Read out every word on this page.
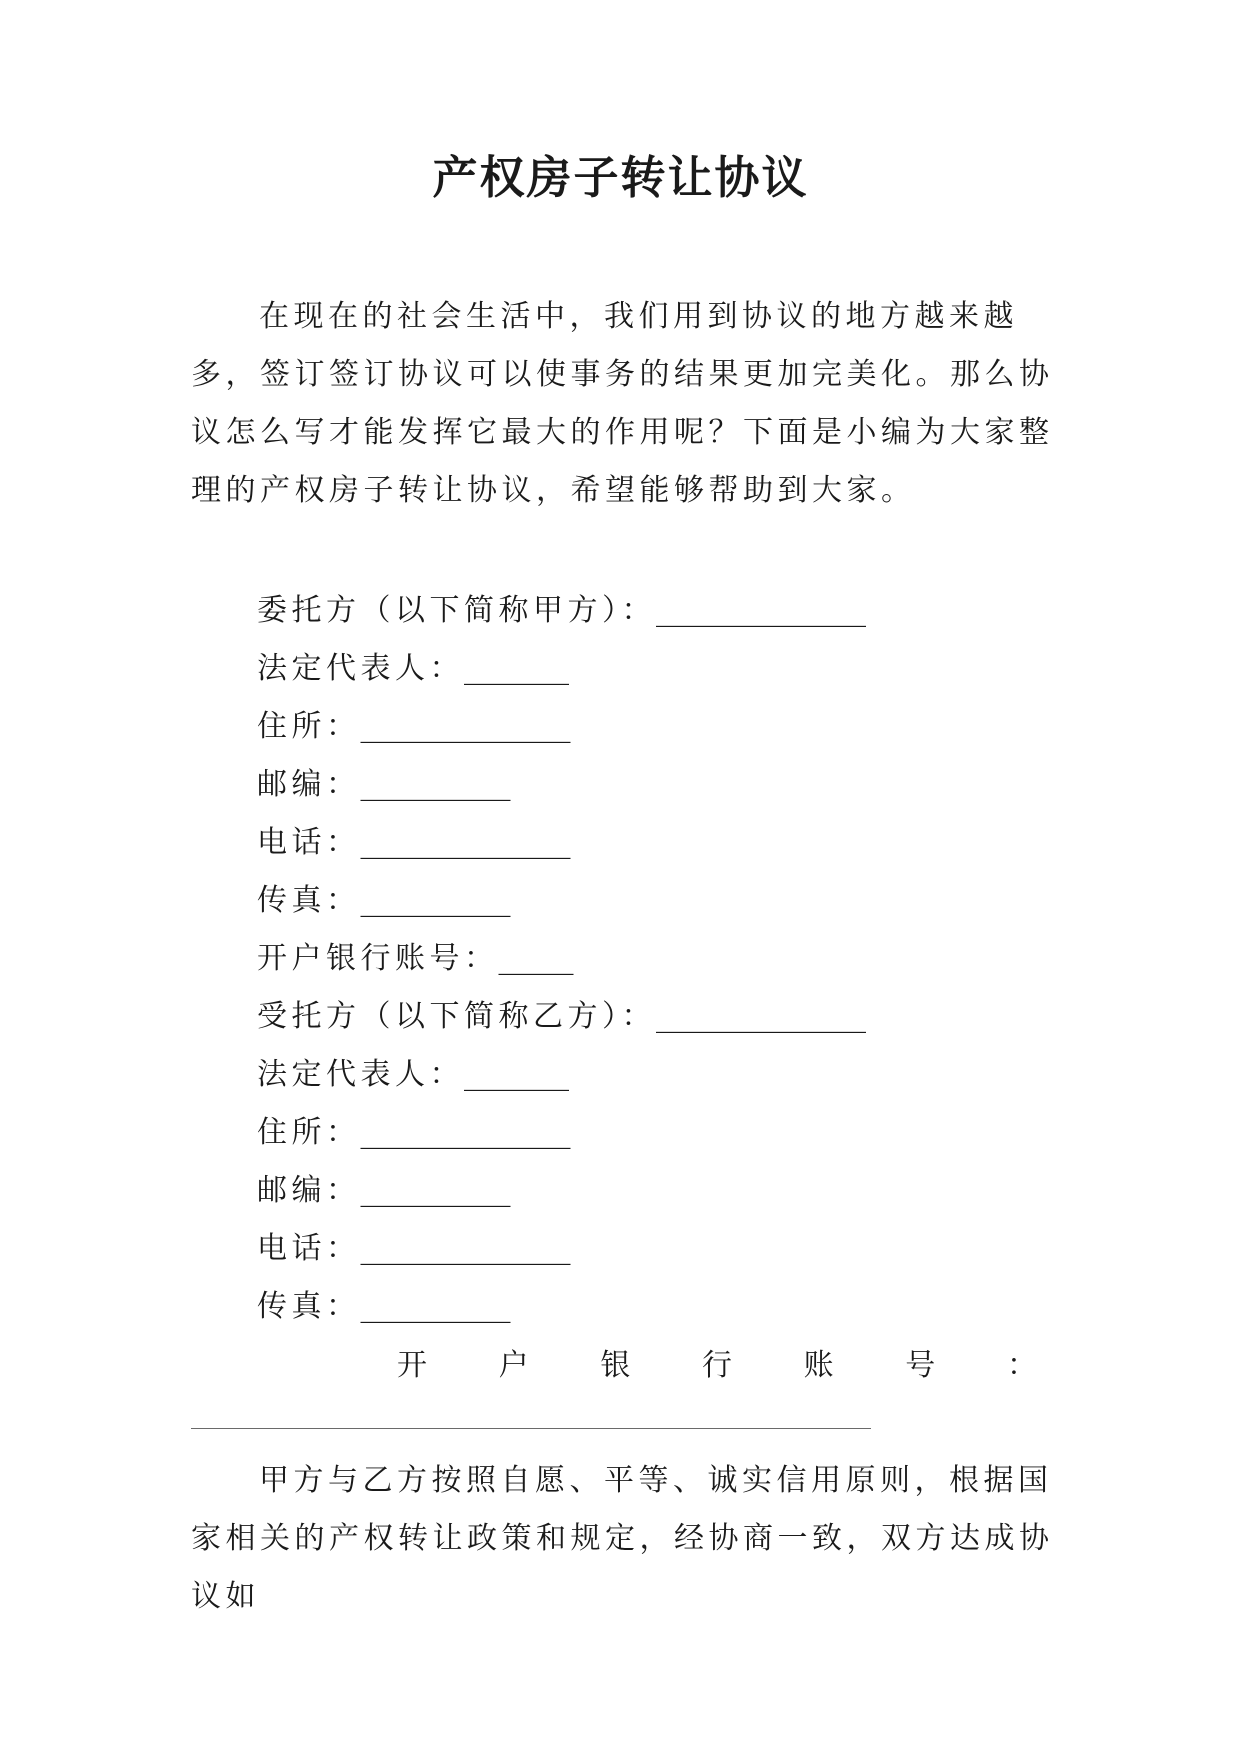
产权房子转让协议

在现在的社会生活中，我们用到协议的地方越来越多，签订签订协议可以使事务的结果更加完美化。那么协议怎么写才能发挥它最大的作用呢？下面是小编为大家整理的产权房子转让协议，希望能够帮助到大家。

委托方（以下简称甲方）：______________
法定代表人：_______
住所：______________
邮编：__________
电话：______________
传真：__________
开户银行账号：_____
受托方（以下简称乙方）：______________
法定代表人：_______
住所：______________
邮编：__________
电话：______________
传真：__________
开 户 银 行 账 号 ：

甲方与乙方按照自愿、平等、诚实信用原则，根据国家相关的产权转让政策和规定，经协商一致，双方达成协议如
